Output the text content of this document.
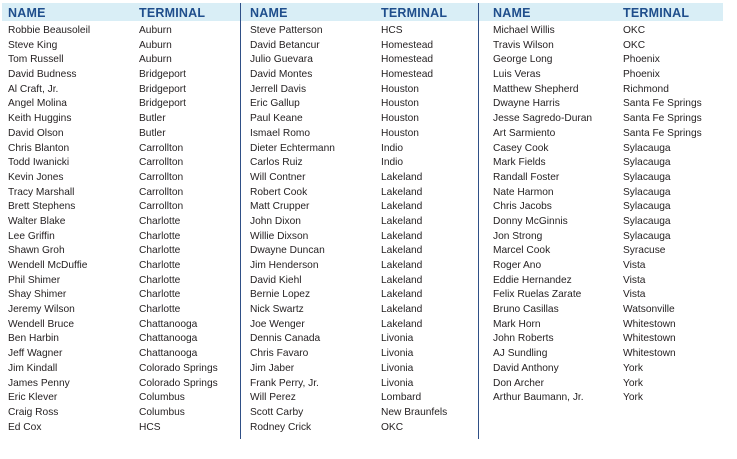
NAME	TERMINAL
Robbie Beausoleil	Auburn
Steve King	Auburn
Tom Russell	Auburn
David Budness	Bridgeport
Al Craft, Jr.	Bridgeport
Angel Molina	Bridgeport
Keith Huggins	Butler
David Olson	Butler
Chris Blanton	Carrollton
Todd Iwanicki	Carrollton
Kevin Jones	Carrollton
Tracy Marshall	Carrollton
Brett Stephens	Carrollton
Walter Blake	Charlotte
Lee Griffin	Charlotte
Shawn Groh	Charlotte
Wendell McDuffie	Charlotte
Phil Shimer	Charlotte
Shay Shimer	Charlotte
Jeremy Wilson	Charlotte
Wendell Bruce	Chattanooga
Ben Harbin	Chattanooga
Jeff Wagner	Chattanooga
Jim Kindall	Colorado Springs
James Penny	Colorado Springs
Eric Klever	Columbus
Craig Ross	Columbus
Ed Cox	HCS
NAME	TERMINAL
Steve Patterson	HCS
David Betancur	Homestead
Julio Guevara	Homestead
David Montes	Homestead
Jerrell Davis	Houston
Eric Gallup	Houston
Paul Keane	Houston
Ismael Romo	Houston
Dieter Echtermann	Indio
Carlos Ruiz	Indio
Will Contner	Lakeland
Robert Cook	Lakeland
Matt Crupper	Lakeland
John Dixon	Lakeland
Willie Dixson	Lakeland
Dwayne Duncan	Lakeland
Jim Henderson	Lakeland
David Kiehl	Lakeland
Bernie Lopez	Lakeland
Nick Swartz	Lakeland
Joe Wenger	Lakeland
Dennis Canada	Livonia
Chris Favaro	Livonia
Jim Jaber	Livonia
Frank Perry, Jr.	Livonia
Will Perez	Lombard
Scott Carby	New Braunfels
Rodney Crick	OKC
NAME	TERMINAL
Michael Willis	OKC
Travis Wilson	OKC
George Long	Phoenix
Luis Veras	Phoenix
Matthew Shepherd	Richmond
Dwayne Harris	Santa Fe Springs
Jesse Sagredo-Duran	Santa Fe Springs
Art Sarmiento	Santa Fe Springs
Casey Cook	Sylacauga
Mark Fields	Sylacauga
Randall Foster	Sylacauga
Nate Harmon	Sylacauga
Chris Jacobs	Sylacauga
Donny McGinnis	Sylacauga
Jon Strong	Sylacauga
Marcel Cook	Syracuse
Roger Ano	Vista
Eddie Hernandez	Vista
Felix Ruelas Zarate	Vista
Bruno Casillas	Watsonville
Mark Horn	Whitestown
John Roberts	Whitestown
AJ Sundling	Whitestown
David Anthony	York
Don Archer	York
Arthur Baumann, Jr.	York
